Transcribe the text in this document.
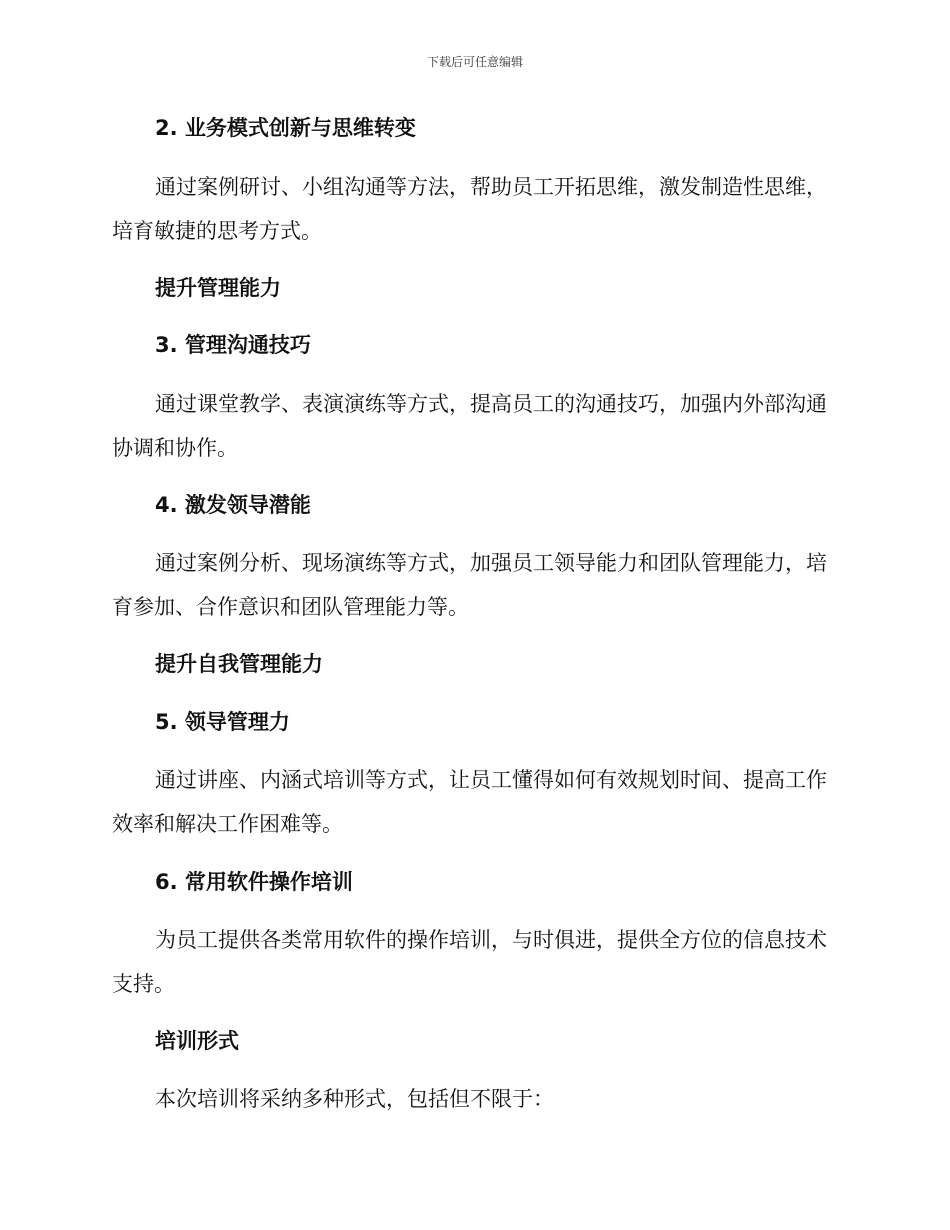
下载后可任意编辑

2. 业务模式创新与思维转变

通过案例研讨、小组沟通等方法，帮助员工开拓思维，激发制造性思维，培育敏捷的思考方式。

提升管理能力

3. 管理沟通技巧

通过课堂教学、表演演练等方式，提高员工的沟通技巧，加强内外部沟通协调和协作。

4. 激发领导潜能

通过案例分析、现场演练等方式，加强员工领导能力和团队管理能力，培育参加、合作意识和团队管理能力等。

提升自我管理能力

5. 领导管理力

通过讲座、内涵式培训等方式，让员工懂得如何有效规划时间、提高工作效率和解决工作困难等。

6. 常用软件操作培训

为员工提供各类常用软件的操作培训，与时俱进，提供全方位的信息技术支持。

培训形式

本次培训将采纳多种形式，包括但不限于：
